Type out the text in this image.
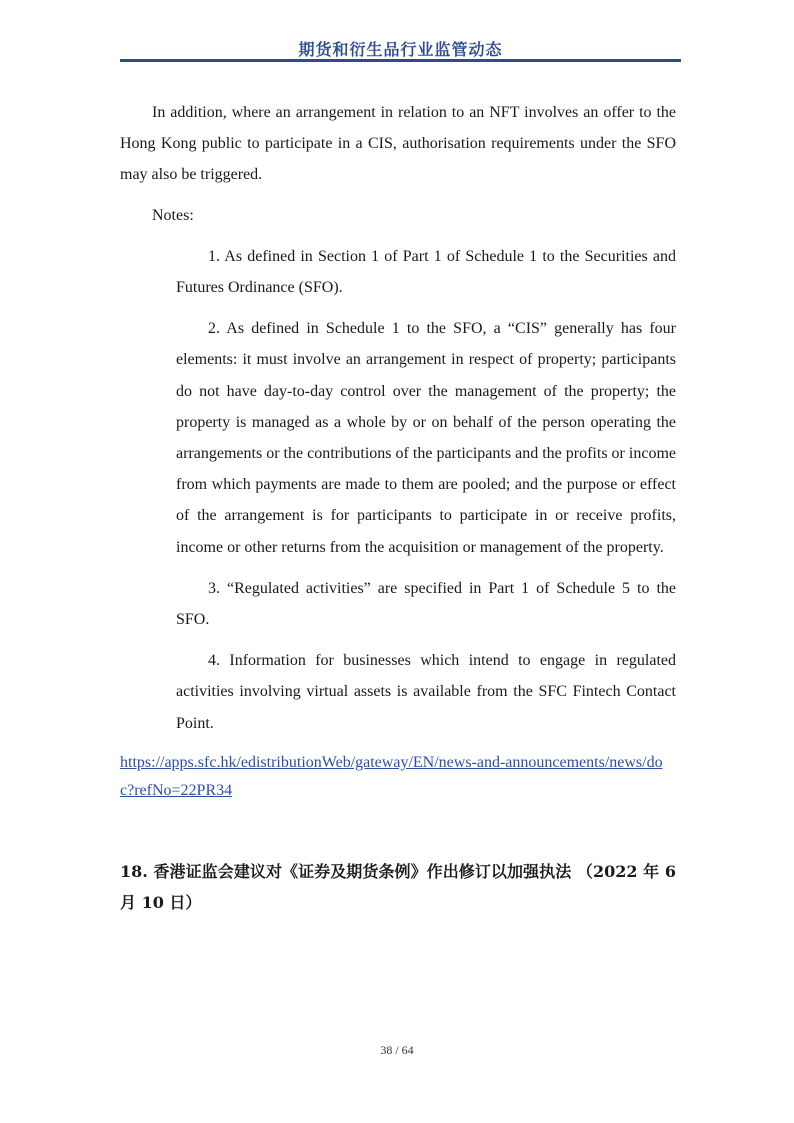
期货和衍生品行业监管动态

In addition, where an arrangement in relation to an NFT involves an offer to the Hong Kong public to participate in a CIS, authorisation requirements under the SFO may also be triggered.

Notes:

1. As defined in Section 1 of Part 1 of Schedule 1 to the Securities and Futures Ordinance (SFO).

2. As defined in Schedule 1 to the SFO, a “CIS” generally has four elements: it must involve an arrangement in respect of property; participants do not have day-to-day control over the management of the property; the property is managed as a whole by or on behalf of the person operating the arrangements or the contributions of the participants and the profits or income from which payments are made to them are pooled; and the purpose or effect of the arrangement is for participants to participate in or receive profits, income or other returns from the acquisition or management of the property.

3. “Regulated activities” are specified in Part 1 of Schedule 5 to the SFO.

4. Information for businesses which intend to engage in regulated activities involving virtual assets is available from the SFC Fintech Contact Point.

https://apps.sfc.hk/edistributionWeb/gateway/EN/news-and-announcements/news/doc?refNo=22PR34

18. 香港证监会建议对《证券及期货条例》作出修订以加强执法 （2022 年 6 月 10 日）

38 / 64
